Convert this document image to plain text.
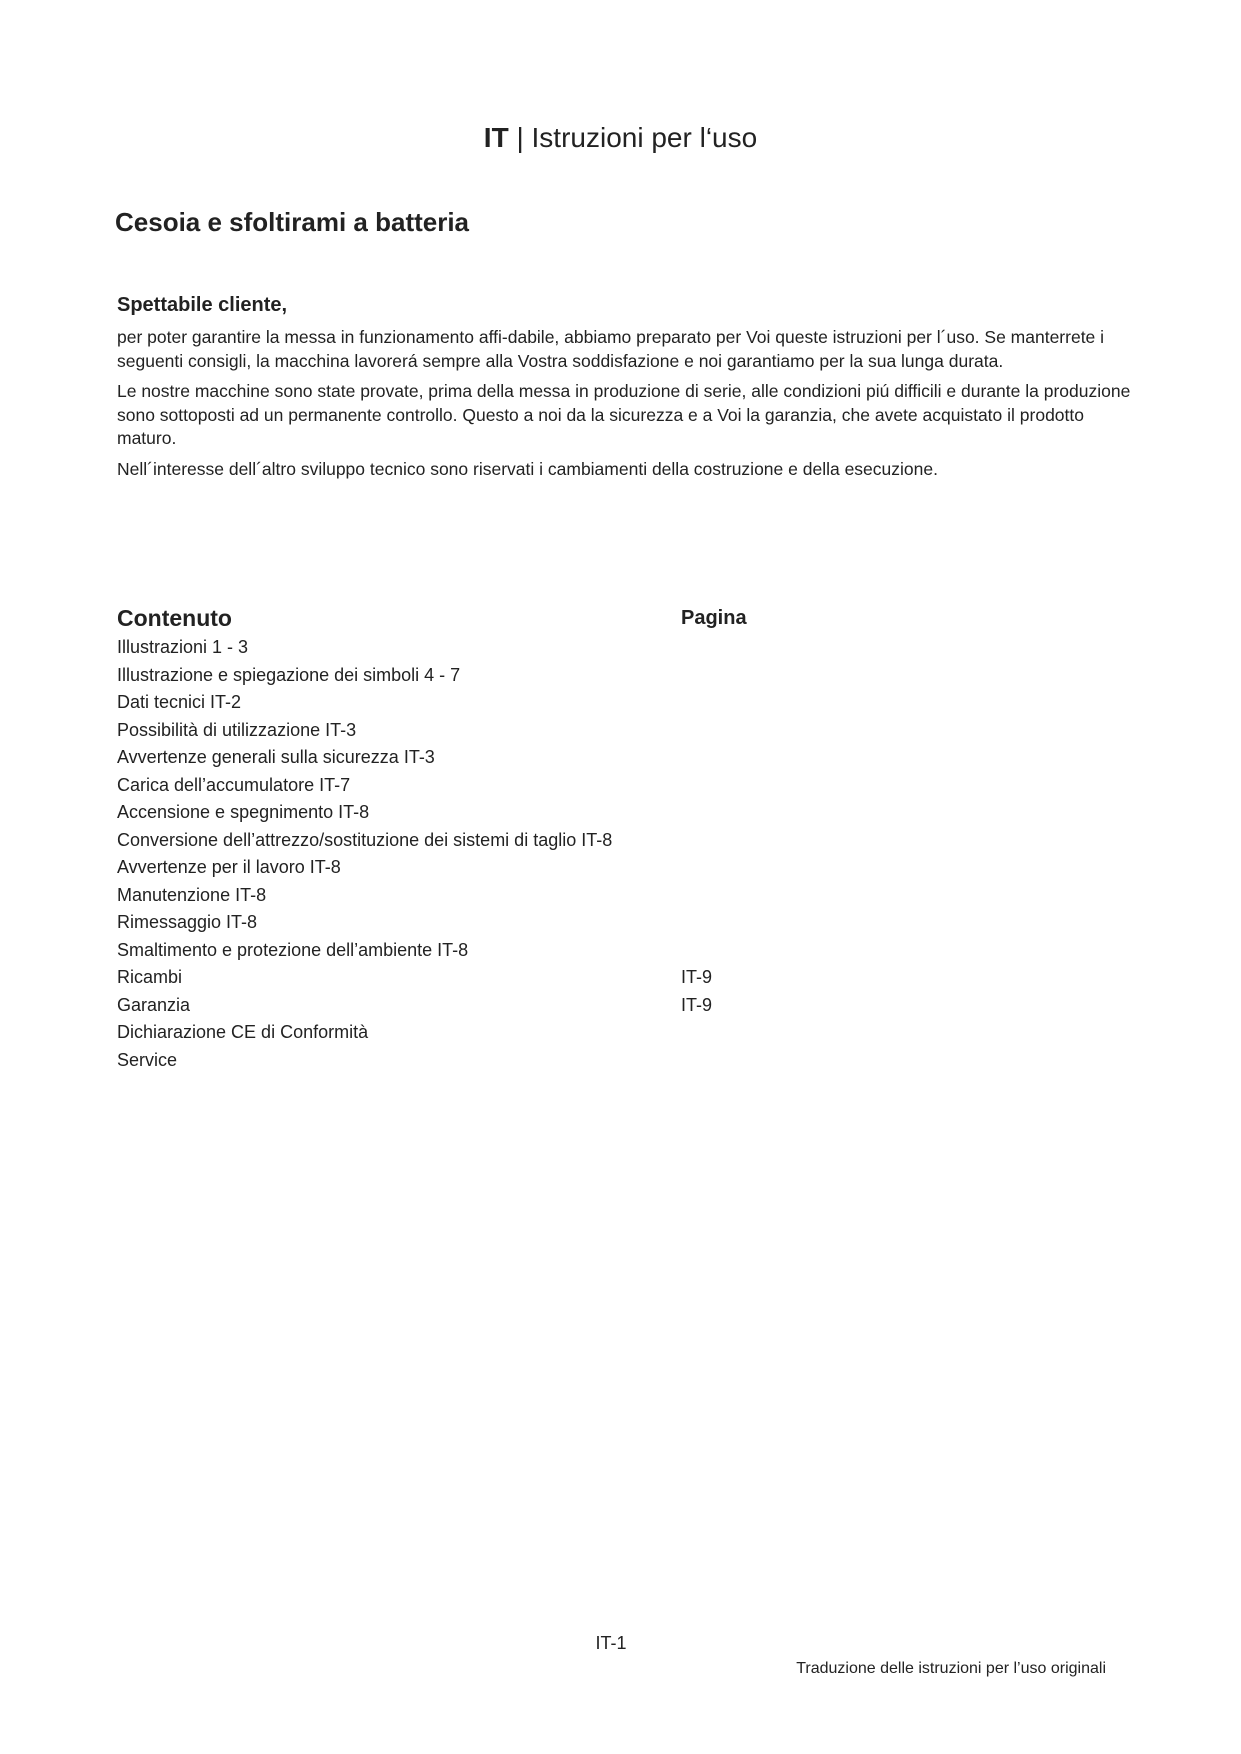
IT | Istruzioni per l‘uso
Cesoia e sfoltirami a batteria
Spettabile cliente,

per poter garantire la messa in funzionamento affi-dabile, abbiamo preparato per Voi queste istruzioni per l´uso. Se manterrete i seguenti consigli, la macchina lavorerá sempre alla Vostra soddisfazione e noi garantiamo per la sua lunga durata.

Le nostre macchine sono state provate, prima della messa in produzione di serie, alle condizioni piú difficili e durante la produzione sono sottoposti ad un permanente controllo. Questo a noi da la sicurezza e a Voi la garanzia, che avete acquistato il prodotto maturo.

Nell´interesse dell´altro sviluppo tecnico sono riservati i cambiamenti della costruzione e della esecuzione.

Contenuto	Pagina
Illustrazioni 1 - 3
Illustrazione e spiegazione dei simboli 4 - 7
Dati tecnici IT-2
Possibilità di utilizzazione IT-3
Avvertenze generali sulla sicurezza IT-3
Carica dell’accumulatore IT-7
Accensione e spegnimento IT-8
Conversione dell’attrezzo/sostituzione dei sistemi di taglio IT-8
Avvertenze per il lavoro IT-8
Manutenzione IT-8
Rimessaggio IT-8
Smaltimento e protezione dell’ambiente IT-8
Ricambi	IT-9
Garanzia	IT-9
Dichiarazione CE di Conformità
Service
IT-1
Traduzione delle istruzioni per l’uso originali
